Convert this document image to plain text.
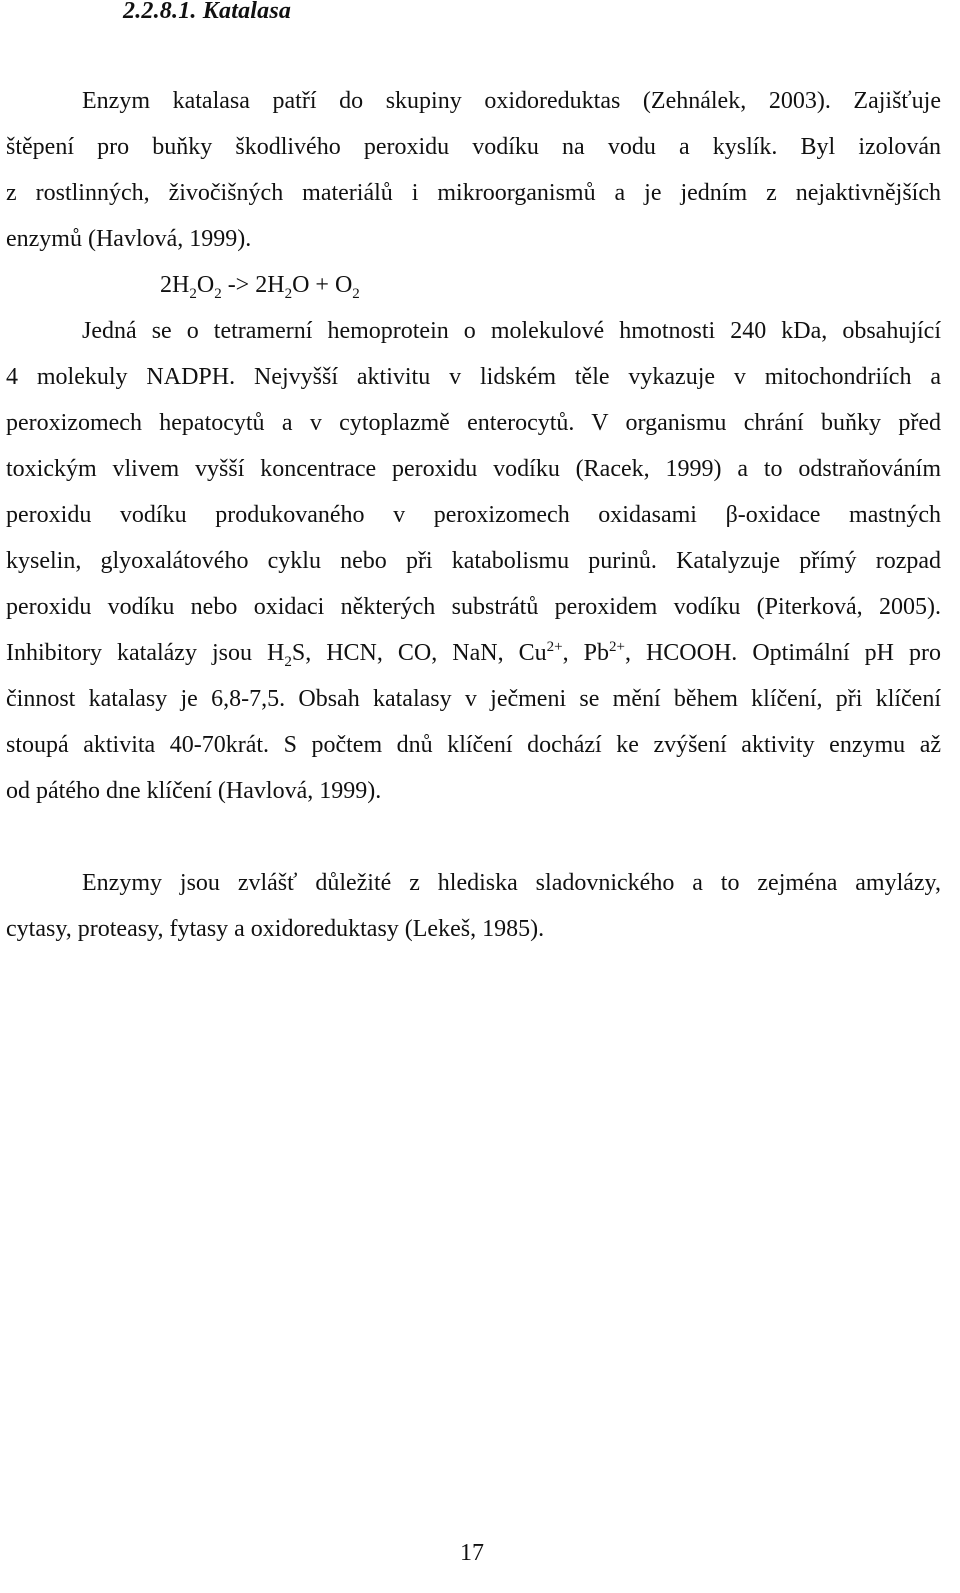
2.2.8.1. Katalasa
Enzym katalasa patří do skupiny oxidoreduktas (Zehnálek, 2003). Zajišťuje
štěpení pro buňky škodlivého peroxidu vodíku na vodu a kyslík. Byl izolován
z rostlinných, živočišných materiálů i mikroorganismů a je jedním z nejaktivnějších
enzymů (Havlová, 1999).
$2H_2O_2 -> 2H_2O + O_2$
Jedná se o tetramerní hemoprotein o molekulové hmotnosti 240 kDa, obsahující
4 molekuly NADPH. Nejvyšší aktivitu v lidském těle vykazuje v mitochondriích a
peroxizomech hepatocytů a v cytoplazmě enterocytů. V organismu chrání buňky před
toxickým vlivem vyšší koncentrace peroxidu vodíku (Racek, 1999) a to odstraňováním
peroxidu vodíku produkovaného v peroxizomech oxidasami β-oxidace mastných
kyselin, glyoxalátového cyklu nebo při katabolismu purinů. Katalyzuje přímý rozpad
peroxidu vodíku nebo oxidaci některých substrátů peroxidem vodíku (Piterková, 2005).
Inhibitory katalázy jsou $H_2S$, HCN, CO, NaN, $Cu^{2+}$, $Pb^{2+}$, HCOOH. Optimální pH pro
činnost katalasy je 6,8-7,5. Obsah katalasy v ječmeni se mění během klíčení, při klíčení
stoupá aktivita 40-70krát. S počtem dnů klíčení dochází ke zvýšení aktivity enzymu až
od pátého dne klíčení (Havlová, 1999).
Enzymy jsou zvlášť důležité z hlediska sladovnického a to zejména amylázy,
cytasy, proteasy, fytasy a oxidoreduktasy (Lekeš, 1985).
17
